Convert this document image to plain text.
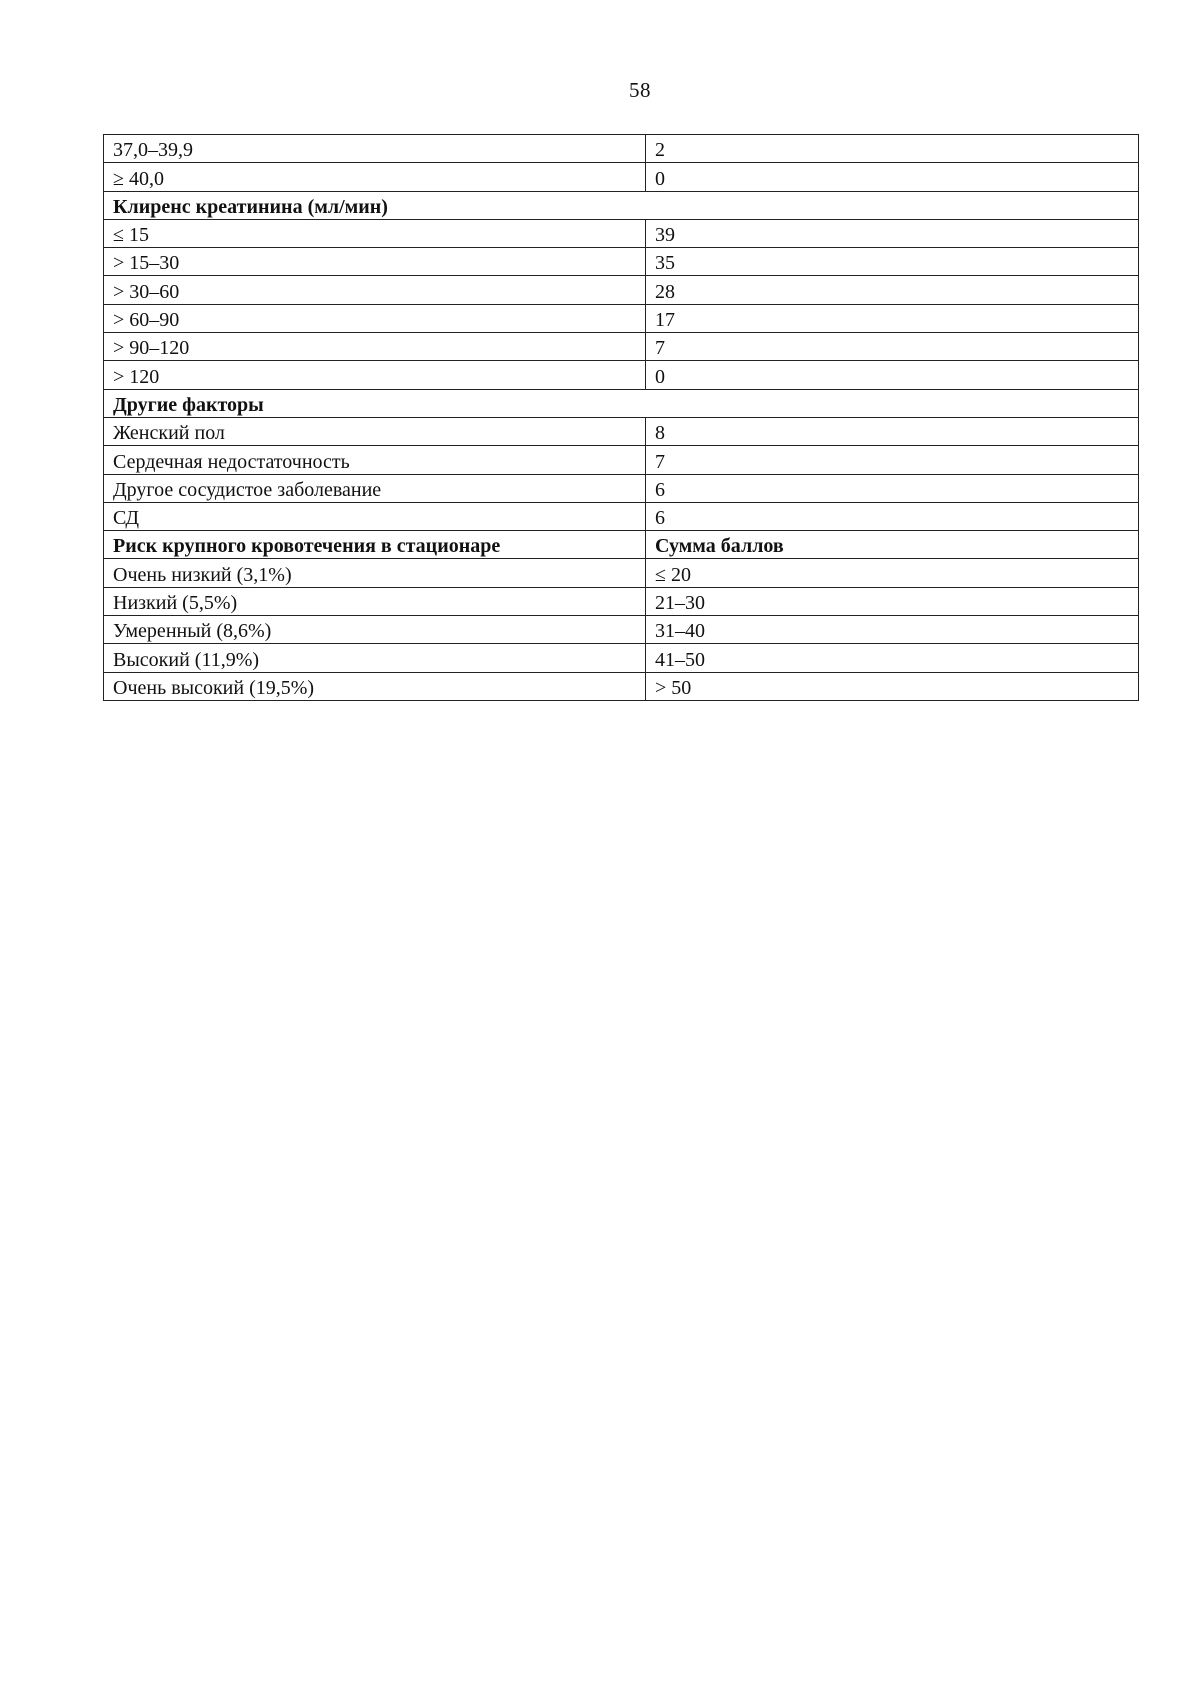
58
37,0–39,9	2
≥ 40,0	0
Клиренс креатинина (мл/мин)	
≤ 15	39
> 15–30	35
> 30–60	28
> 60–90	17
> 90–120	7
> 120	0
Другие факторы	
Женский пол	8
Сердечная недостаточность	7
Другое сосудистое заболевание	6
СД	6
Риск крупного кровотечения в стационаре	Сумма баллов
Очень низкий (3,1%)	≤ 20
Низкий (5,5%)	21–30
Умеренный (8,6%)	31–40
Высокий (11,9%)	41–50
Очень высокий (19,5%)	> 50
